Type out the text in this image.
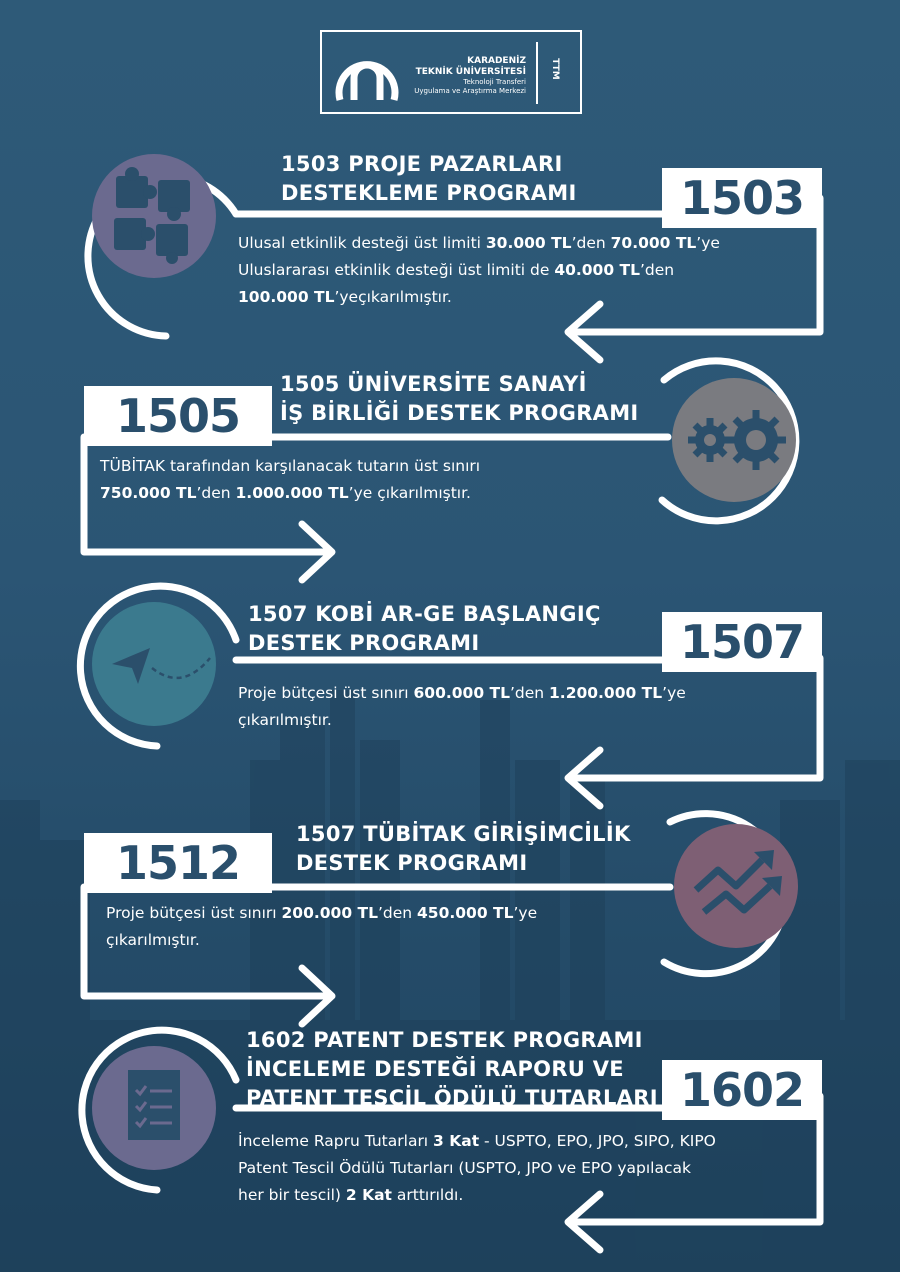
KARADENİZ
TEKNİK ÜNİVERSİTESİ
Teknoloji Transferi
Uygulama ve Araştırma Merkezi
TTM
1503 PROJE PAZARLARI
DESTEKLEME PROGRAMI	1503
Ulusal etkinlik desteği üst limiti 30.000 TL’den 70.000 TL’ye
Uluslararası etkinlik desteği üst limiti de 40.000 TL’den
100.000 TL’yeçıkarılmıştır.
1505
1505 ÜNİVERSİTE SANAYİ
İŞ BİRLİĞİ DESTEK PROGRAMI
TÜBİTAK tarafından karşılanacak tutarın üst sınırı
750.000 TL’den 1.000.000 TL’ye çıkarılmıştır.
1507 KOBİ AR-GE BAŞLANGIÇ
DESTEK PROGRAMI	1507
Proje bütçesi üst sınırı 600.000 TL’den 1.200.000 TL’ye
çıkarılmıştır.
1512
1507 TÜBİTAK GİRİŞİMCİLİK
DESTEK PROGRAMI
Proje bütçesi üst sınırı 200.000 TL’den 450.000 TL’ye
çıkarılmıştır.
1602 PATENT DESTEK PROGRAMI
İNCELEME DESTEĞİ RAPORU VE
PATENT TESCİL ÖDÜLÜ TUTARLARI 1602
İnceleme Rapru Tutarları 3 Kat - USPTO, EPO, JPO, SIPO, KIPO
Patent Tescil Ödülü Tutarları (USPTO, JPO ve EPO yapılacak
her bir tescil) 2 Kat arttırıldı.
